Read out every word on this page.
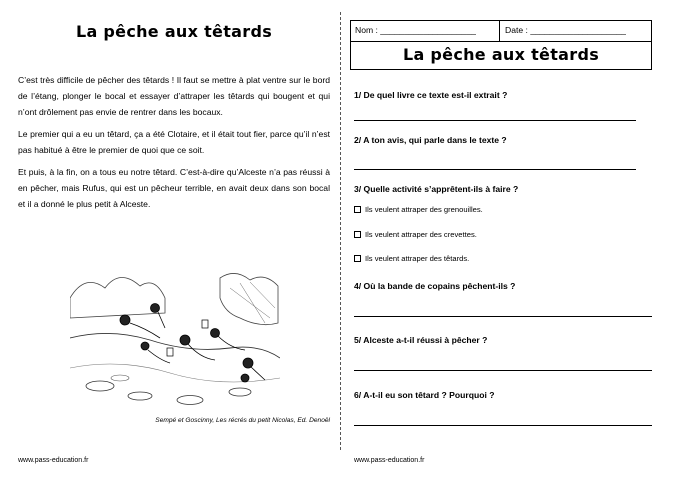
La pêche aux têtards

C’est très difficile de pêcher des têtards ! Il faut se mettre à plat ventre sur le bord de l’étang, plonger le bocal et essayer d’attraper les têtards qui bougent et qui n’ont drôlement pas envie de rentrer dans les bocaux.

Le premier qui a eu un têtard, ça a été Clotaire, et il était tout fier, parce qu’il n’est pas habitué à être le premier de quoi que ce soit.

Et puis, à la fin, on a tous eu notre têtard. C’est-à-dire qu’Alceste n’a pas réussi à en pêcher, mais Rufus, qui est un pêcheur terrible, en avait deux dans son bocal et il a donné le plus petit à Alceste.

Sempé et Goscinny, Les récrés du petit Nicolas, Ed. Denoël
www.pass-education.fr
Nom : ____________________	Date : ____________________
La pêche aux têtards
1/ De quel livre ce texte est-il extrait ?
2/ A ton avis, qui parle dans le texte ?
3/ Quelle activité s’apprêtent-ils à faire ?
Ils veulent attraper des grenouilles.
Ils veulent attraper des crevettes.
Ils veulent attraper des têtards.
4/ Où la bande de copains pêchent-ils ?
5/ Alceste a-t-il réussi à pêcher ?
6/ A-t-il eu son têtard ? Pourquoi ?
www.pass-education.fr
